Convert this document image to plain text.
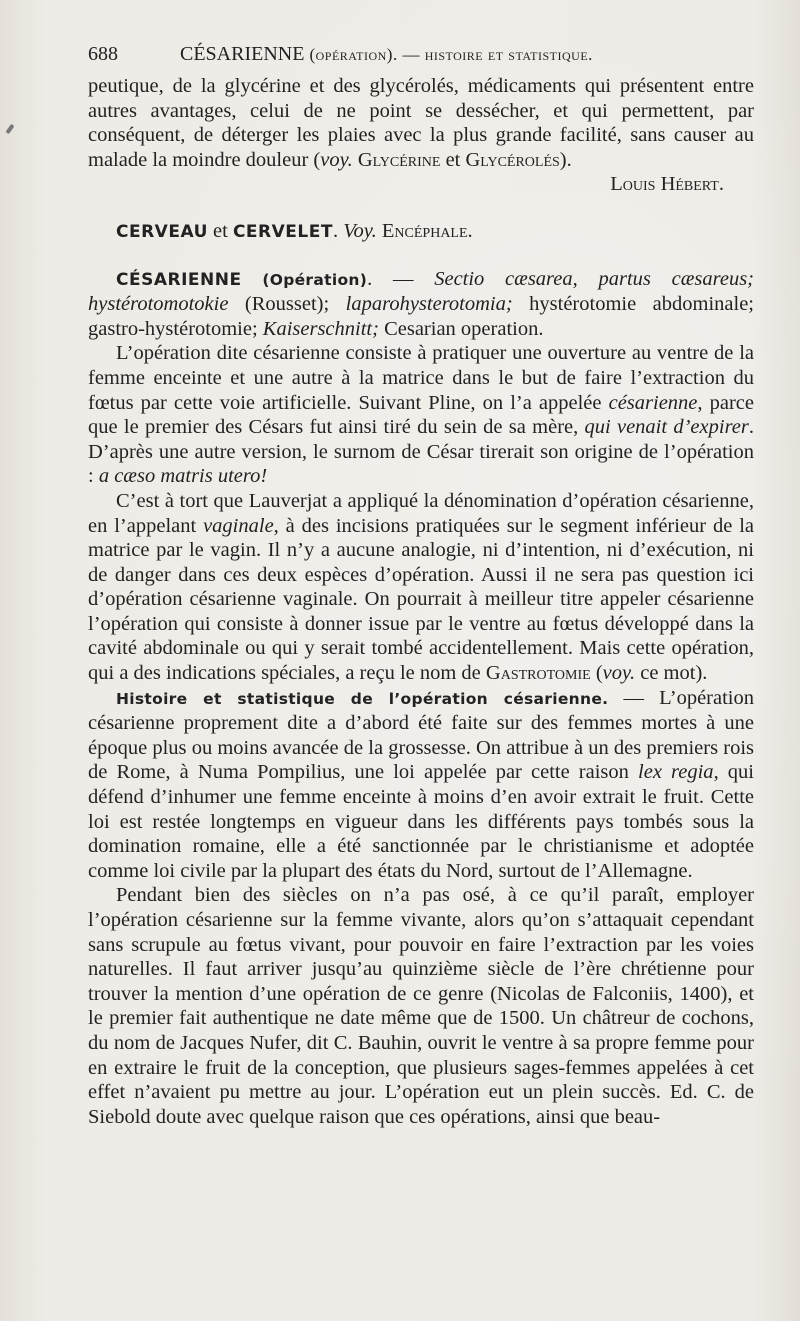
688	CÉSARIENNE (opération). — histoire et statistique.

peutique, de la glycérine et des glycérolés, médicaments qui présentent entre autres avantages, celui de ne point se dessécher, et qui permettent, par conséquent, de déterger les plaies avec la plus grande facilité, sans causer au malade la moindre douleur (voy. Glycérine et Glycérolés).

Louis Hébert.

CERVEAU et CERVELET. Voy. Encéphale.

CÉSARIENNE (Opération). — Sectio cæsarea, partus cæsareus; hystérotomotokie (Rousset); laparohysterotomia; hystérotomie abdominale; gastro-hystérotomie; Kaiserschnitt; Cesarian operation.

L’opération dite césarienne consiste à pratiquer une ouverture au ventre de la femme enceinte et une autre à la matrice dans le but de faire l’extraction du fœtus par cette voie artificielle. Suivant Pline, on l’a appelée césarienne, parce que le premier des Césars fut ainsi tiré du sein de sa mère, qui venait d’expirer. D’après une autre version, le surnom de César tirerait son origine de l’opération : a cæso matris utero!

C’est à tort que Lauverjat a appliqué la dénomination d’opération césarienne, en l’appelant vaginale, à des incisions pratiquées sur le segment inférieur de la matrice par le vagin. Il n’y a aucune analogie, ni d’intention, ni d’exécution, ni de danger dans ces deux espèces d’opération. Aussi il ne sera pas question ici d’opération césarienne vaginale. On pourrait à meilleur titre appeler césarienne l’opération qui consiste à donner issue par le ventre au fœtus développé dans la cavité abdominale ou qui y serait tombé accidentellement. Mais cette opération, qui a des indications spéciales, a reçu le nom de Gastrotomie (voy. ce mot).

Histoire et statistique de l’opération césarienne. — L’opération césarienne proprement dite a d’abord été faite sur des femmes mortes à une époque plus ou moins avancée de la grossesse. On attribue à un des premiers rois de Rome, à Numa Pompilius, une loi appelée par cette raison lex regia, qui défend d’inhumer une femme enceinte à moins d’en avoir extrait le fruit. Cette loi est restée longtemps en vigueur dans les différents pays tombés sous la domination romaine, elle a été sanctionnée par le christianisme et adoptée comme loi civile par la plupart des états du Nord, surtout de l’Allemagne.

Pendant bien des siècles on n’a pas osé, à ce qu’il paraît, employer l’opération césarienne sur la femme vivante, alors qu’on s’attaquait cependant sans scrupule au fœtus vivant, pour pouvoir en faire l’extraction par les voies naturelles. Il faut arriver jusqu’au quinzième siècle de l’ère chrétienne pour trouver la mention d’une opération de ce genre (Nicolas de Falconiis, 1400), et le premier fait authentique ne date même que de 1500. Un châtreur de cochons, du nom de Jacques Nufer, dit C. Bauhin, ouvrit le ventre à sa propre femme pour en extraire le fruit de la conception, que plusieurs sages-femmes appelées à cet effet n’avaient pu mettre au jour. L’opération eut un plein succès. Ed. C. de Siebold doute avec quelque raison que ces opérations, ainsi que beau-
